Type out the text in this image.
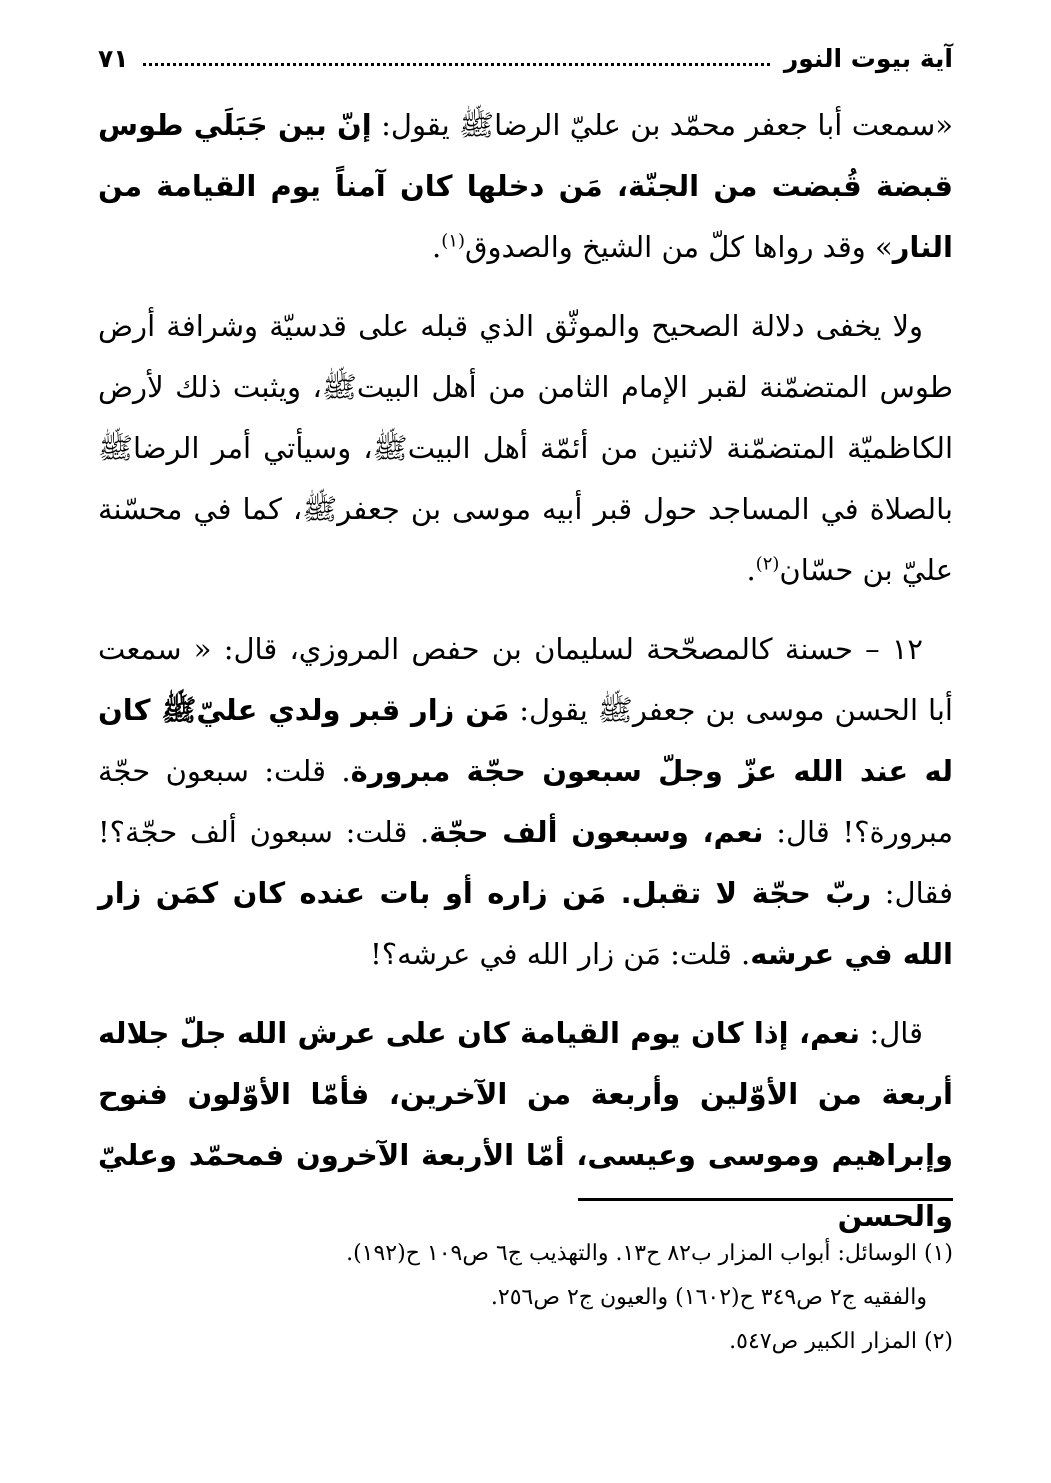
آية بيوت النور
٧١

«سمعت أبا جعفر محمّد بن عليّ الرضاﷺ يقول: إنّ بين جَبَلَي طوس قبضة قُبضت من الجنّة، مَن دخلها كان آمناً يوم القيامة من النار» وقد رواها كلّ من الشيخ والصدوق$^{(١)}$.

ولا يخفى دلالة الصحيح والموثّق الذي قبله على قدسيّة وشرافة أرض طوس المتضمّنة لقبر الإمام الثامن من أهل البيتﷺ، ويثبت ذلك لأرض الكاظميّة المتضمّنة لاثنين من أئمّة أهل البيتﷺ، وسيأتي أمر الرضاﷺ بالصلاة في المساجد حول قبر أبيه موسى بن جعفرﷺ، كما في محسّنة عليّ بن حسّان$^{(٢)}$.

١٢ – حسنة كالمصحّحة لسليمان بن حفص المروزي، قال: « سمعت أبا الحسن موسى بن جعفرﷺ يقول: مَن زار قبر ولدي عليّﷺ كان له عند الله عزّ وجلّ سبعون حجّة مبرورة. قلت: سبعون حجّة مبرورة؟! قال: نعم، وسبعون ألف حجّة. قلت: سبعون ألف حجّة؟! فقال: ربّ حجّة لا تقبل. مَن زاره أو بات عنده كان كمَن زار الله في عرشه. قلت: مَن زار الله في عرشه؟!

قال: نعم، إذا كان يوم القيامة كان على عرش الله جلّ جلاله أربعة من الأوّلين وأربعة من الآخرين، فأمّا الأوّلون فنوح وإبراهيم وموسى وعيسى، أمّا الأربعة الآخرون فمحمّد وعليّ والحسن

(١) الوسائل: أبواب المزار ب٨٢ ح١٣. والتهذيب ج٦ ص١٠٩ ح(١٩٢).

والفقيه ج٢ ص٣٤٩ ح(١٦٠٢) والعيون ج٢ ص٢٥٦.

(٢) المزار الكبير ص٥٤٧.
